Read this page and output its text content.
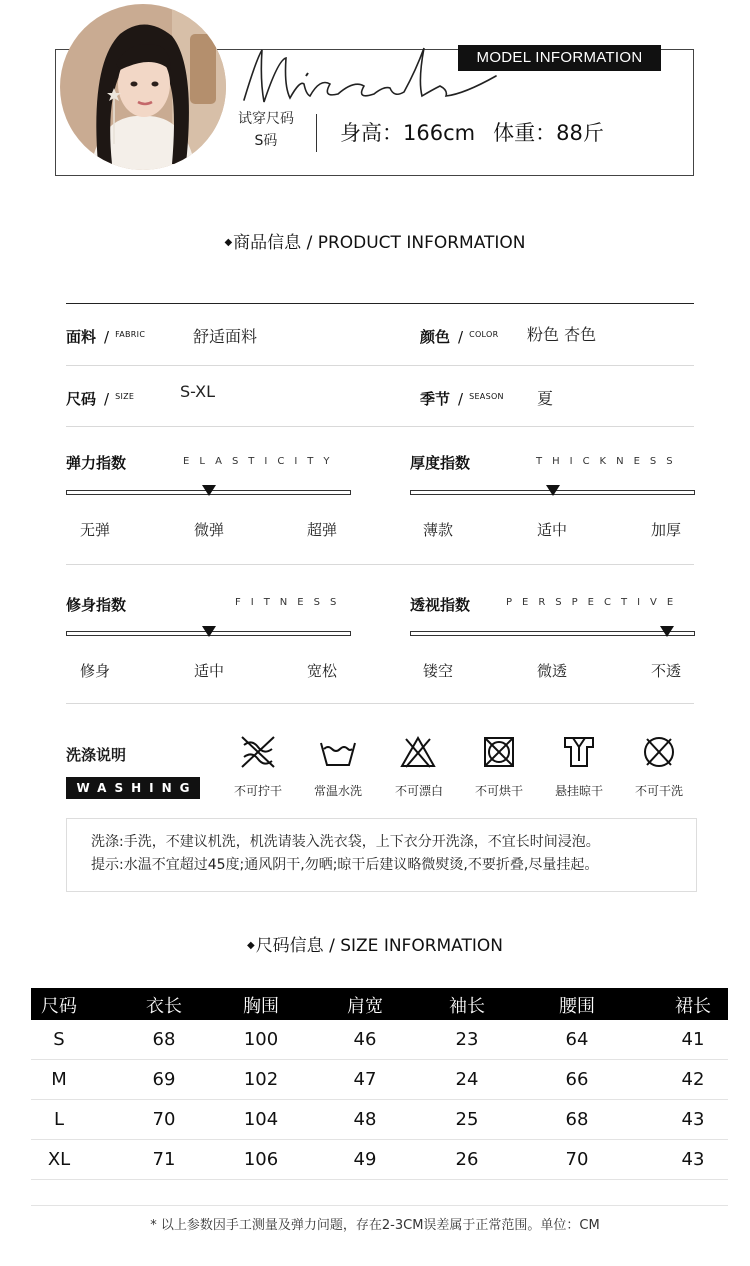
MODEL INFORMATION
试穿尺码
S码	身高：166cm 体重：88斤
◆商品信息 / PRODUCT INFORMATION
面料 / $^{FABRIC}$	舒适面料	颜色 / $^{COLOR}$ 粉色 杏色
尺码 / $^{SIZE}$	S-XL	季节 / $^{SEASON}$ 夏
弹力指数	ELASTICITY
无弹	微弹	超弹
厚度指数	THICKNESS
薄款	适中	加厚
修身指数	FITNESS
修身	适中	宽松
透视指数	PERSPECTIVE
镂空	微透	不透
洗涤说明
WASHING	不可拧干	常温水洗	不可漂白	不可烘干	悬挂晾干	不可干洗

洗涤:手洗，不建议机洗，机洗请装入洗衣袋，上下衣分开洗涤，不宜长时间浸泡。

提示:水温不宜超过45度;通风阴干,勿晒;晾干后建议略微熨烫,不要折叠,尽量挂起。

◆尺码信息 / SIZE INFORMATION
尺码	衣长	胸围	肩宽	袖长	腰围	裙长
S	68	100	46	23	64	41
M	69	102	47	24	66	42
L	70	104	48	25	68	43
XL	71	106	49	26	70	43
* 以上参数因手工测量及弹力问题，存在2-3CM误差属于正常范围。单位：CM
